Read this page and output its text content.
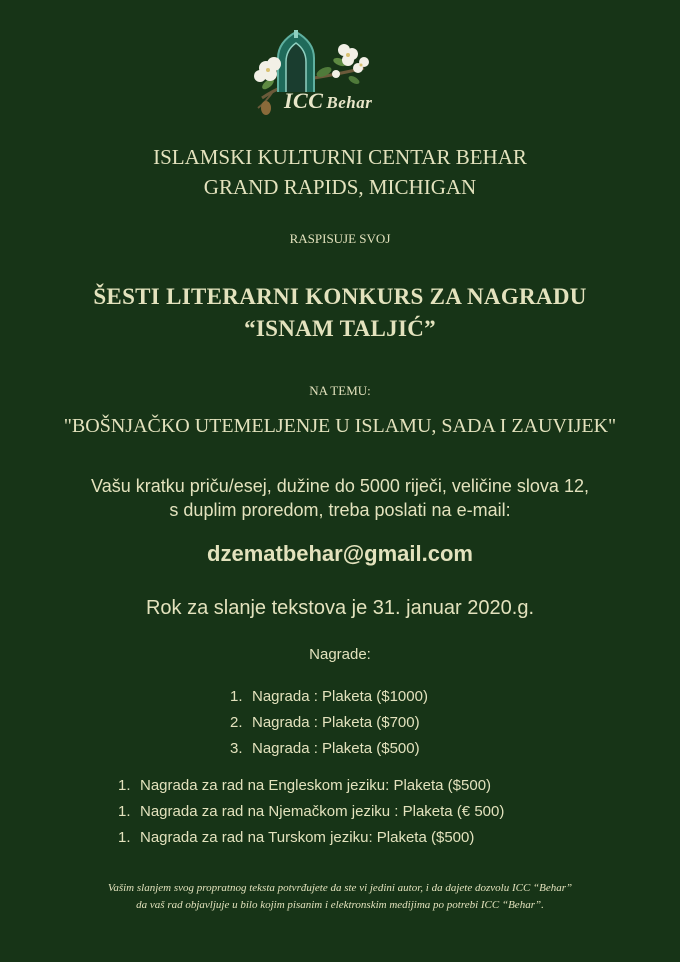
ICC Behar
ISLAMSKI KULTURNI CENTAR BEHAR
GRAND RAPIDS, MICHIGAN
RASPISUJE SVOJ
ŠESTI LITERARNI KONKURS ZA NAGRADU
“ISNAM TALJIĆ”
NA TEMU:
"BOŠNJAČKO UTEMELJENJE U ISLAMU, SADA I ZAUVIJEK"
Vašu kratku priču/esej, dužine do 5000 riječi, veličine slova 12,
s duplim proredom, treba poslati na e-mail:
dzematbehar@gmail.com
Rok za slanje tekstova je 31. januar 2020.g.
Nagrade:
1. Nagrada : Plaketa ($1000)
2. Nagrada : Plaketa ($700)
3. Nagrada : Plaketa ($500)
1. Nagrada za rad na Engleskom jeziku: Plaketa ($500)
1. Nagrada za rad na Njemačkom jeziku : Plaketa (€ 500)
1. Nagrada za rad na Turskom jeziku: Plaketa ($500)
Vašim slanjem svog propratnog teksta potvrđujete da ste vi jedini autor, i da dajete dozvolu ICC “Behar”
da vaš rad objavljuje u bilo kojim pisanim i elektronskim medijima po potrebi ICC “Behar”.
